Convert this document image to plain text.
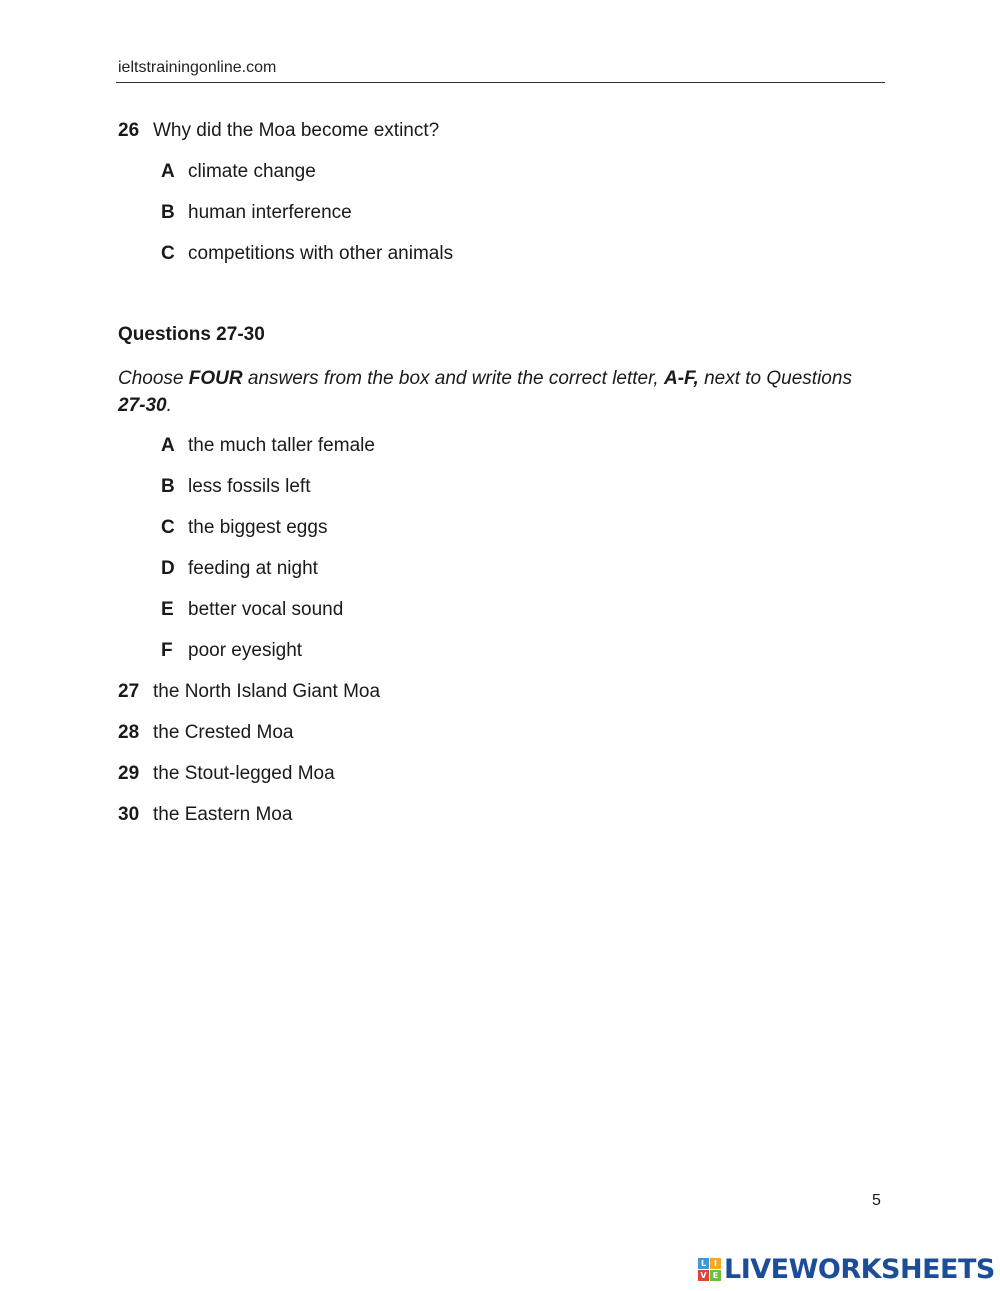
ieltstrainingonline.com
26 Why did the Moa become extinct?
A climate change
B human interference
C competitions with other animals
Questions 27-30
Choose FOUR answers from the box and write the correct letter, A-F, next to Questions 27-30.
A the much taller female
B less fossils left
C the biggest eggs
D feeding at night
E better vocal sound
F poor eyesight
27 the North Island Giant Moa
28 the Crested Moa
29 the Stout-legged Moa
30 the Eastern Moa
5
L I
V E LIVEWORKSHEETS
